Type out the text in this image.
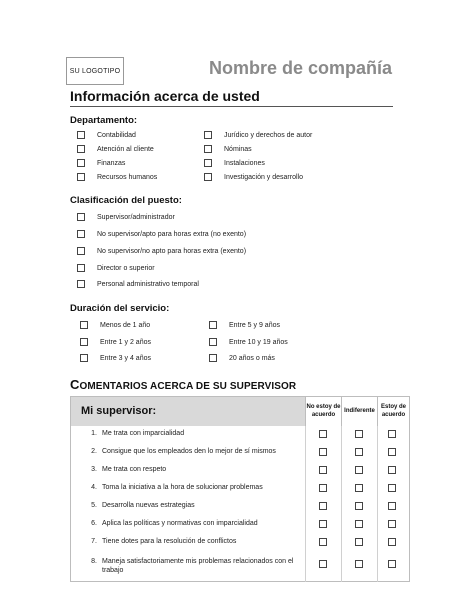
SU LOGOTIPO	Nombre de compañía
Información acerca de usted
Departamento:
Contabilidad
Atención al cliente
Finanzas
Recursos humanos
Jurídico y derechos de autor
Nóminas
Instalaciones
Investigación y desarrollo
Clasificación del puesto:
Supervisor/administrador
No supervisor/apto para horas extra (no exento)
No supervisor/no apto para horas extra (exento)
Director o superior
Personal administrativo temporal
Duración del servicio:
Menos de 1 año
Entre 1 y 2 años
Entre 3 y 4 años
Entre 5 y 9 años
Entre 10 y 19 años
20 años o más
COMENTARIOS ACERCA DE SU SUPERVISOR
Mi supervisor:	No estoy de acuerdo
Indiferente
Estoy de acuerdo
1. Me trata con imparcialidad
2. Consigue que los empleados den lo mejor de sí mismos
3. Me trata con respeto
4. Toma la iniciativa a la hora de solucionar problemas
5. Desarrolla nuevas estrategias
6. Aplica las políticas y normativas con imparcialidad
7. Tiene dotes para la resolución de conflictos
8. Maneja satisfactoriamente mis problemas relacionados con el trabajo
